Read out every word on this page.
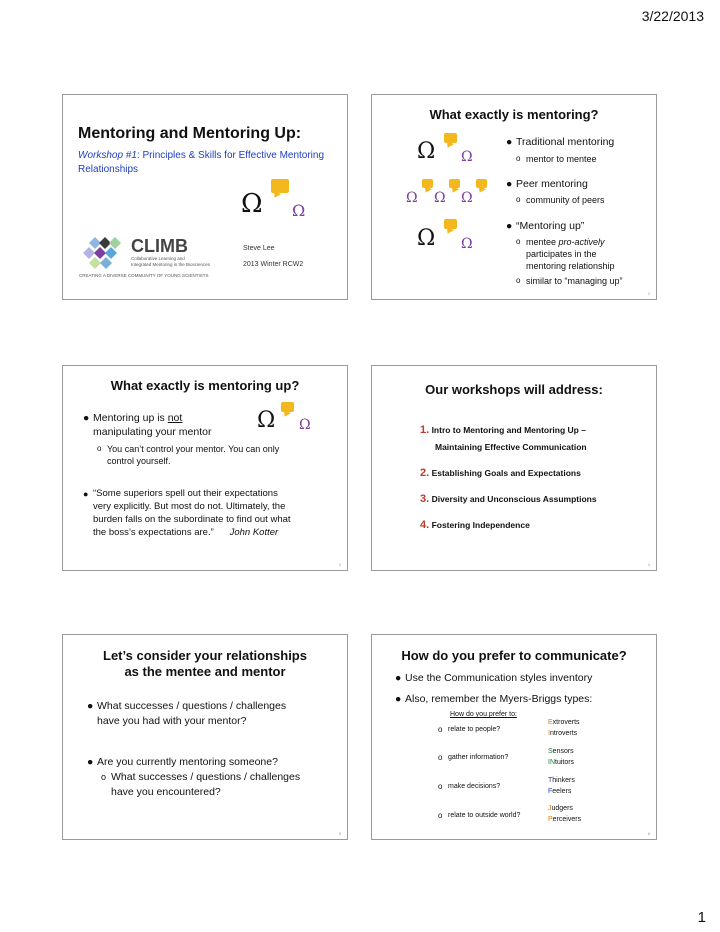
3/22/2013
Mentoring and Mentoring Up:
Workshop #1: Principles & Skills for Effective Mentoring Relationships
Ω Ω
CLIMB
Collaborative Learning and
Integrated Mentoring in the Biosciences
CREATING A DIVERSE COMMUNITY OF YOUNG SCIENTISTS
Steve Lee
2013 Winter RCW2
What exactly is mentoring?
Ω Ω
● Traditional mentoring
o mentor to mentee
Ω Ω Ω
● Peer mentoring
o community of peers
Ω Ω
● “Mentoring up”
o mentee pro-actively
participates in the
mentoring relationship
o similar to “managing up”
2
What exactly is mentoring up?
Ω Ω
● Mentoring up is not
manipulating your mentor
o You can’t control your mentor. You can only
control yourself.
● “Some superiors spell out their expectations
very explicitly. But most do not. Ultimately, the
burden falls on the subordinate to find out what
the boss’s expectations are.” John Kotter
3
Our workshops will address:
1. Intro to Mentoring and Mentoring Up –
Maintaining Effective Communication
2. Establishing Goals and Expectations
3. Diversity and Unconscious Assumptions
4. Fostering Independence
4
Let’s consider your relationships
as the mentee and mentor
● What successes / questions / challenges
have you had with your mentor?
● Are you currently mentoring someone?
o What successes / questions / challenges
have you encountered?
5
How do you prefer to communicate?
● Use the Communication styles inventory
● Also, remember the Myers-Briggs types:
How do you prefer to:
o relate to people?
Extroverts
Introverts
o gather information?
Sensors
INtuitors
o make decisions?
Thinkers
Feelers
o relate to outside world?
Judgers
Perceivers
6
1
